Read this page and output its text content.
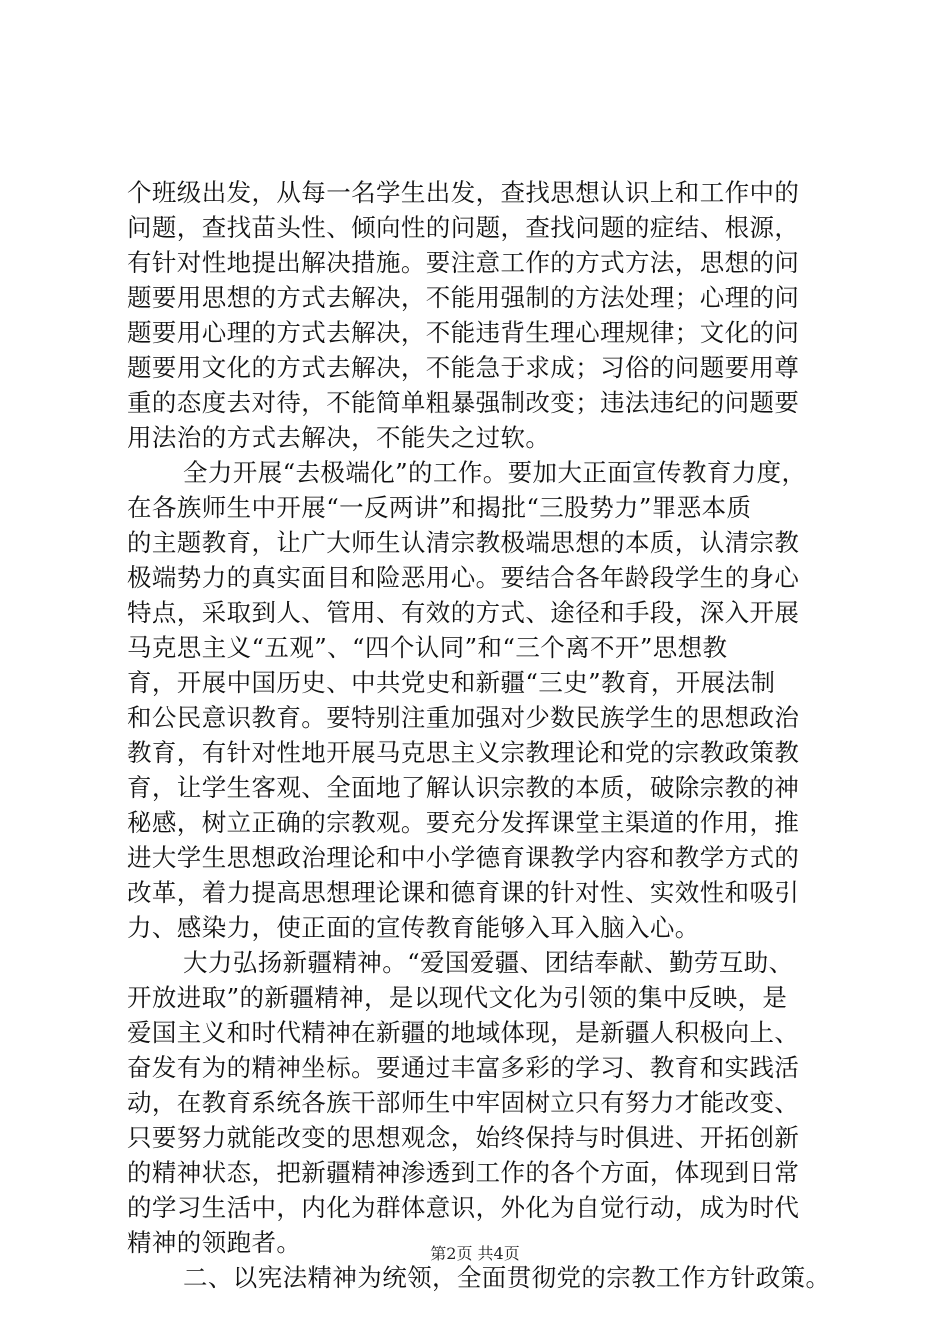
个班级出发，从每一名学生出发，查找思想认识上和工作中的
问题，查找苗头性、倾向性的问题，查找问题的症结、根源，
有针对性地提出解决措施。要注意工作的方式方法，思想的问
题要用思想的方式去解决，不能用强制的方法处理；心理的问
题要用心理的方式去解决，不能违背生理心理规律；文化的问
题要用文化的方式去解决，不能急于求成；习俗的问题要用尊
重的态度去对待，不能简单粗暴强制改变；违法违纪的问题要
用法治的方式去解决，不能失之过软。
全力开展“去极端化”的工作。要加大正面宣传教育力度，
在各族师生中开展“一反两讲”和揭批“三股势力”罪恶本质
的主题教育，让广大师生认清宗教极端思想的本质，认清宗教
极端势力的真实面目和险恶用心。要结合各年龄段学生的身心
特点，采取到人、管用、有效的方式、途径和手段，深入开展
马克思主义“五观”、“四个认同”和“三个离不开”思想教
育，开展中国历史、中共党史和新疆“三史”教育，开展法制
和公民意识教育。要特别注重加强对少数民族学生的思想政治
教育，有针对性地开展马克思主义宗教理论和党的宗教政策教
育，让学生客观、全面地了解认识宗教的本质，破除宗教的神
秘感，树立正确的宗教观。要充分发挥课堂主渠道的作用，推
进大学生思想政治理论和中小学德育课教学内容和教学方式的
改革，着力提高思想理论课和德育课的针对性、实效性和吸引
力、感染力，使正面的宣传教育能够入耳入脑入心。
大力弘扬新疆精神。“爱国爱疆、团结奉献、勤劳互助、
开放进取”的新疆精神，是以现代文化为引领的集中反映，是
爱国主义和时代精神在新疆的地域体现，是新疆人积极向上、
奋发有为的精神坐标。要通过丰富多彩的学习、教育和实践活
动，在教育系统各族干部师生中牢固树立只有努力才能改变、
只要努力就能改变的思想观念，始终保持与时俱进、开拓创新
的精神状态，把新疆精神渗透到工作的各个方面，体现到日常
的学习生活中，内化为群体意识，外化为自觉行动，成为时代
精神的领跑者。
二、以宪法精神为统领，全面贯彻党的宗教工作方针政策。
第2页 共4页
